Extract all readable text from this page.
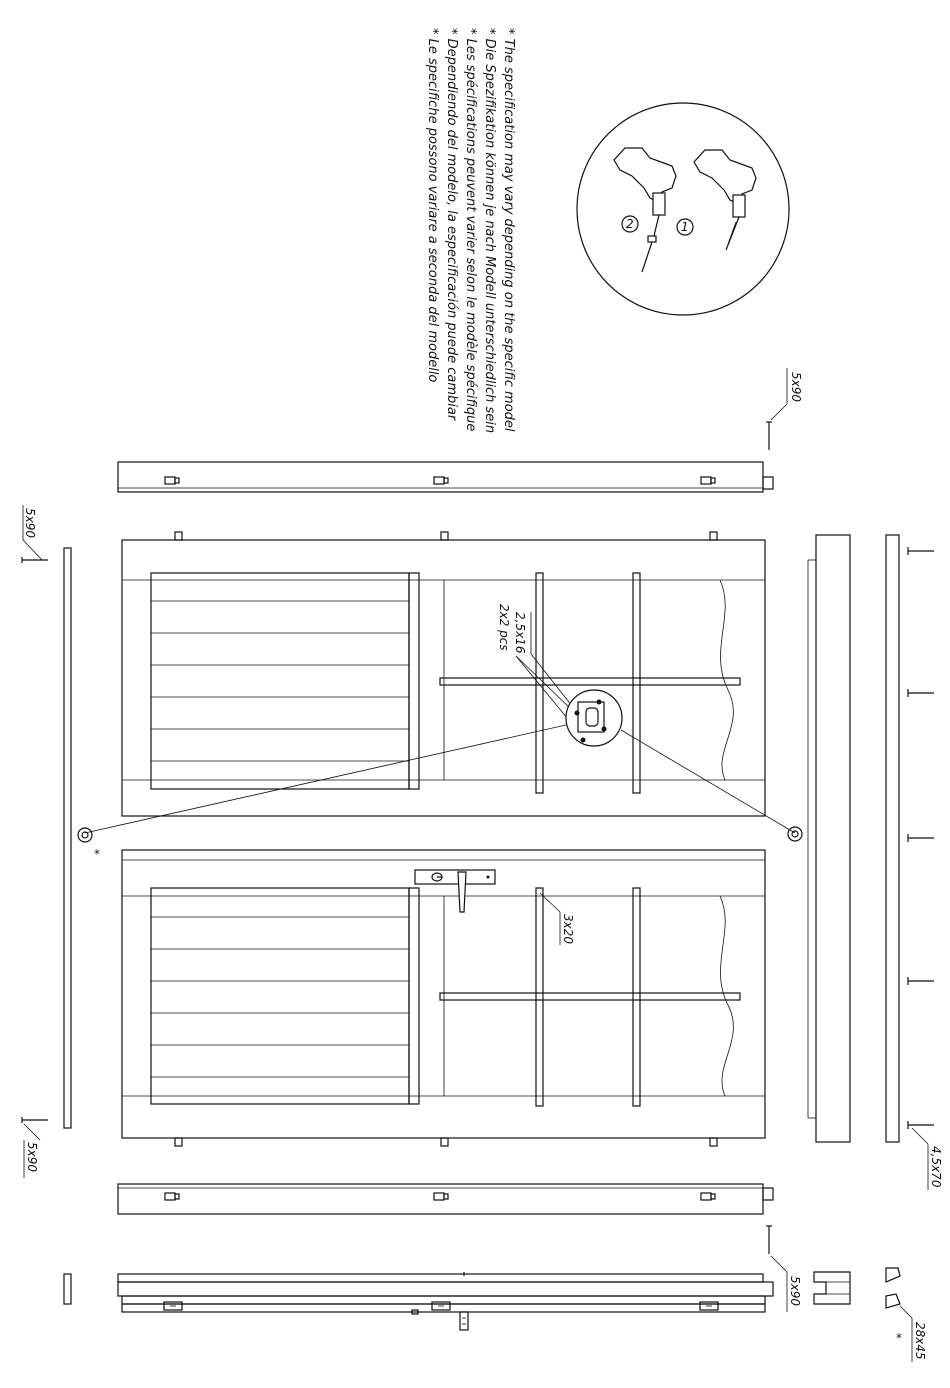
* The specification may vary depending on the specific model
* Die Spezifikation können je nach Modell unterschiedlich sein
* Les spécifications peuvent varier selon le modèle spécifique
* Dependiendo del modelo, la especificación puede cambiar
* Le specifiche possono variare a seconda del modello	1
2
5x90
5x90
5x90
3x20
2,5x16
2x2 pcs
*
4,5x70
5x90
28x45
*
